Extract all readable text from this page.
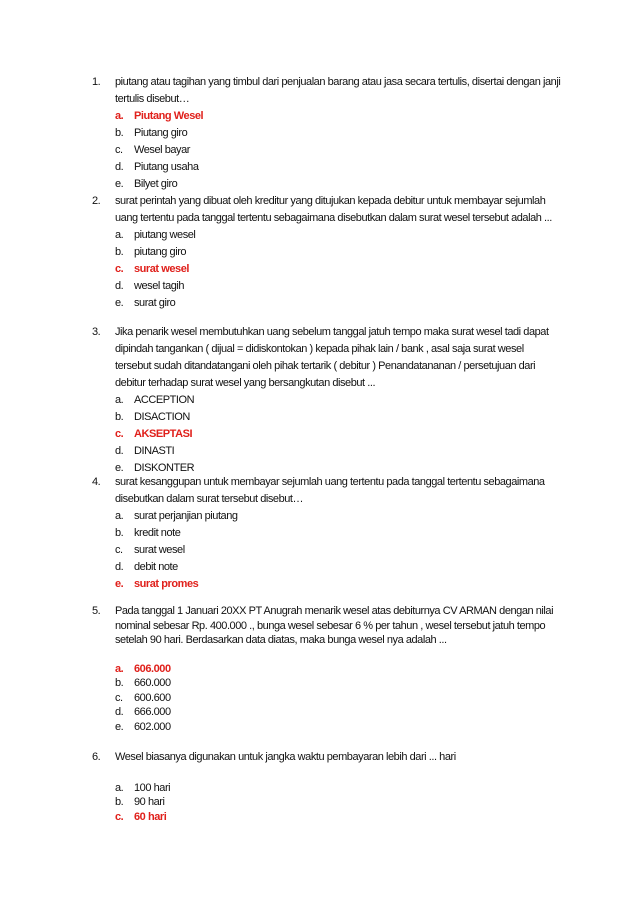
1. piutang atau tagihan yang timbul dari penjualan barang atau jasa secara tertulis, disertai dengan janji tertulis disebut…
a. Piutang Wesel
b. Piutang giro
c. Wesel bayar
d. Piutang usaha
e. Bilyet giro
2. surat perintah yang dibuat oleh kreditur yang ditujukan kepada debitur untuk membayar sejumlah uang tertentu pada tanggal tertentu sebagaimana disebutkan dalam surat wesel tersebut adalah ...
a. piutang wesel
b. piutang giro
c. surat wesel
d. wesel tagih
e. surat giro
3. Jika penarik wesel membutuhkan uang sebelum tanggal jatuh tempo maka surat wesel tadi dapat dipindah tangankan ( dijual = didiskontokan ) kepada pihak lain / bank , asal saja surat wesel tersebut sudah ditandatangani oleh pihak tertarik ( debitur ) Penandatananan / persetujuan dari debitur terhadap surat wesel yang bersangkutan disebut ...
a. ACCEPTION
b. DISACTION
c. AKSEPTASI
d. DINASTI
e. DISKONTER
4. surat kesanggupan untuk membayar sejumlah uang tertentu pada tanggal tertentu sebagaimana disebutkan dalam surat tersebut disebut…
a. surat perjanjian piutang
b. kredit note
c. surat wesel
d. debit note
e. surat promes
5. Pada tanggal 1 Januari 20XX PT Anugrah menarik wesel atas debiturnya CV ARMAN dengan nilai nominal sebesar Rp. 400.000 ., bunga wesel sebesar 6 % per tahun , wesel tersebut jatuh tempo setelah 90 hari. Berdasarkan data diatas, maka bunga wesel nya adalah ...
a. 606.000
b. 660.000
c. 600.600
d. 666.000
e. 602.000
6. Wesel biasanya digunakan untuk jangka waktu pembayaran lebih dari ... hari
a. 100 hari
b. 90 hari
c. 60 hari
